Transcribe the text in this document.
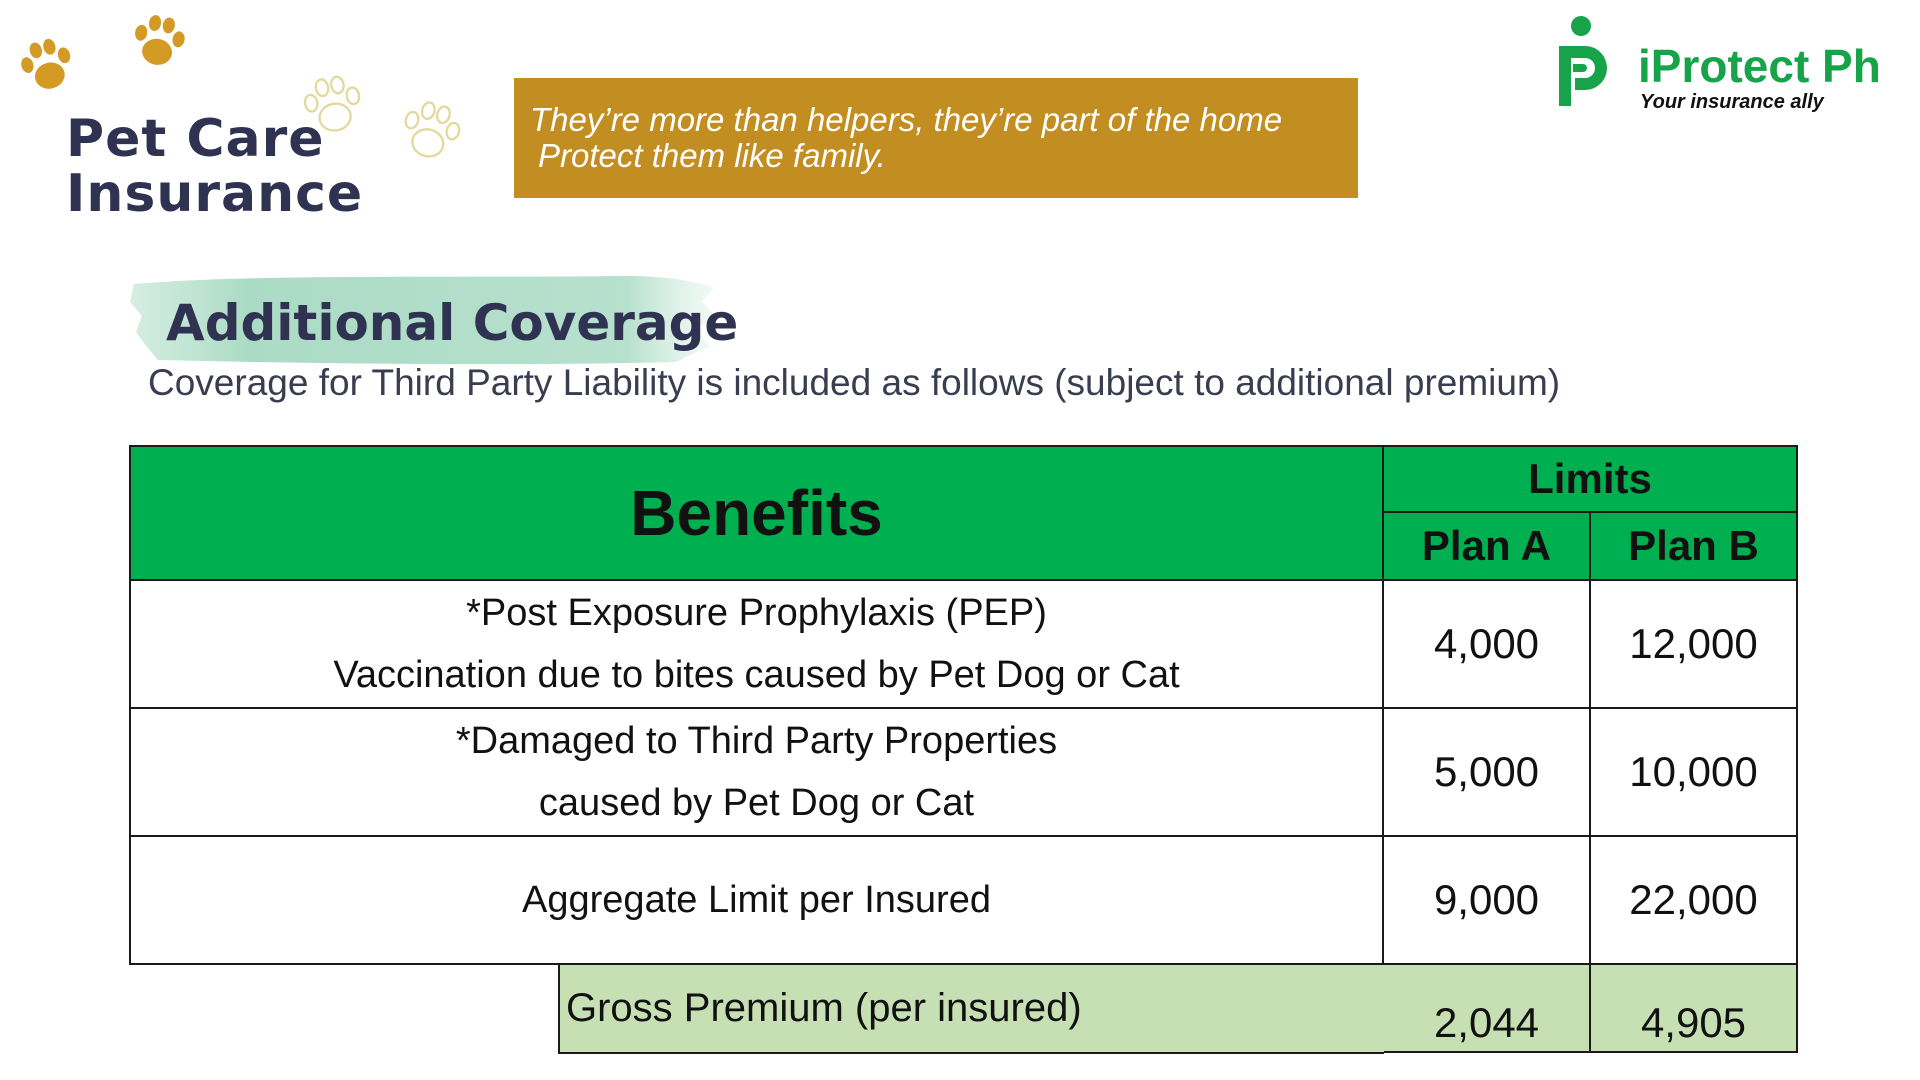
Pet Care
Insurance
They’re more than helpers, they’re part of the home
Protect them like family.
iProtect Ph
Your insurance ally
Additional Coverage
Coverage for Third Party Liability is included as follows (subject to additional premium)
Benefits	Limits	
	Plan A	Plan B

*Post Exposure Prophylaxis (PEP)
Vaccination due to bites caused by Pet Dog or Cat	4,000	12,000

*Damaged to Third Party Properties
caused by Pet Dog or Cat	5,000	10,000

Aggregate Limit per Insured	9,000	22,000

Gross Premium (per insured)	2,044	4,905
